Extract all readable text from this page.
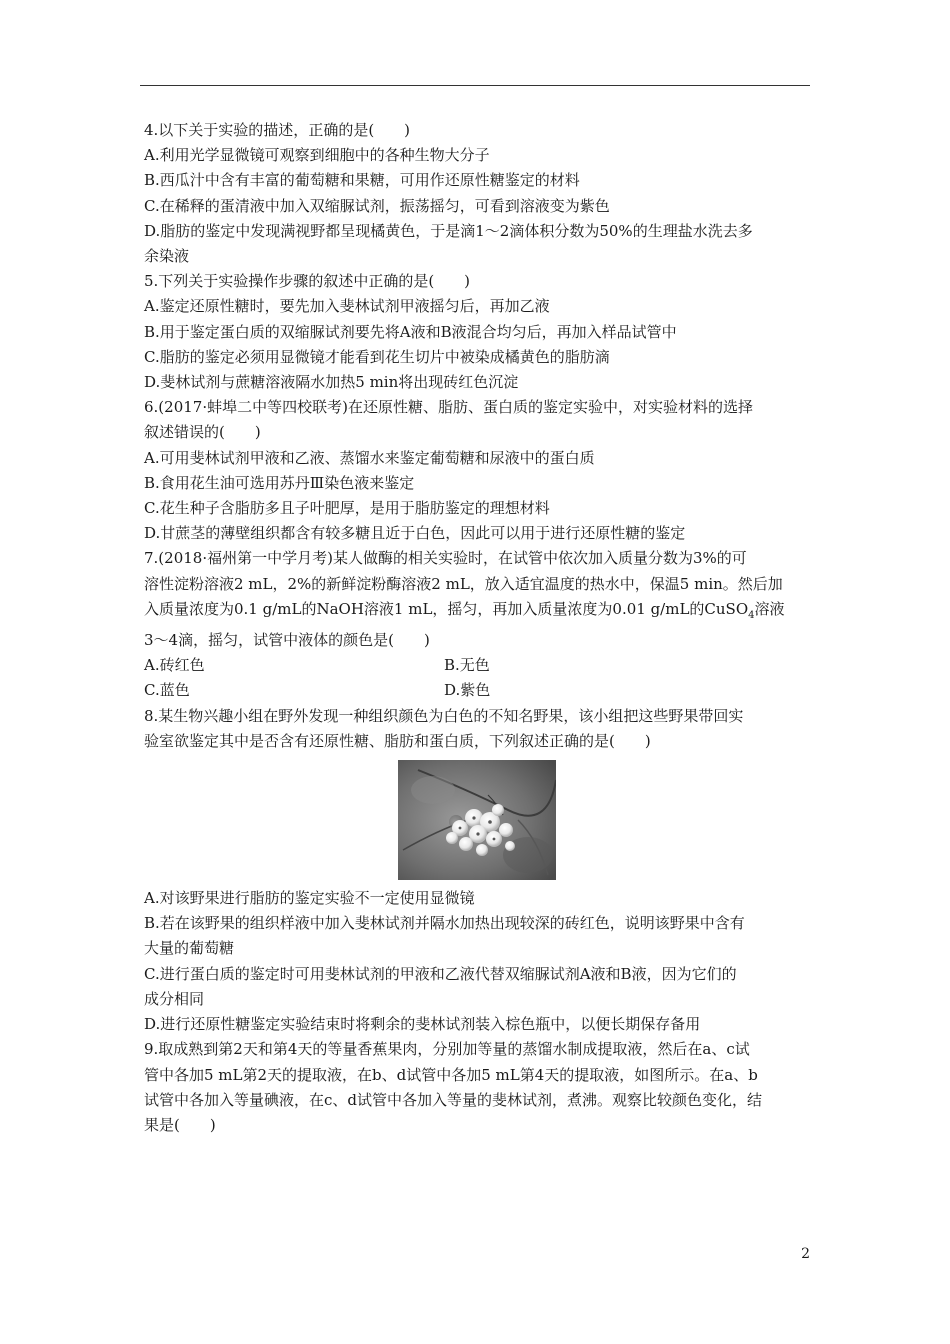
4.以下关于实验的描述，正确的是(　　)
A.利用光学显微镜可观察到细胞中的各种生物大分子
B.西瓜汁中含有丰富的葡萄糖和果糖，可用作还原性糖鉴定的材料
C.在稀释的蛋清液中加入双缩脲试剂，振荡摇匀，可看到溶液变为紫色
D.脂肪的鉴定中发现满视野都呈现橘黄色，于是滴1～2滴体积分数为50%的生理盐水洗去多
余染液
5.下列关于实验操作步骤的叙述中正确的是(　　)
A.鉴定还原性糖时，要先加入斐林试剂甲液摇匀后，再加乙液
B.用于鉴定蛋白质的双缩脲试剂要先将A液和B液混合均匀后，再加入样品试管中
C.脂肪的鉴定必须用显微镜才能看到花生切片中被染成橘黄色的脂肪滴
D.斐林试剂与蔗糖溶液隔水加热5 min将出现砖红色沉淀
6.(2017·蚌埠二中等四校联考)在还原性糖、脂肪、蛋白质的鉴定实验中，对实验材料的选择
叙述错误的(　　)
A.可用斐林试剂甲液和乙液、蒸馏水来鉴定葡萄糖和尿液中的蛋白质
B.食用花生油可选用苏丹Ⅲ染色液来鉴定
C.花生种子含脂肪多且子叶肥厚，是用于脂肪鉴定的理想材料
D.甘蔗茎的薄壁组织都含有较多糖且近于白色，因此可以用于进行还原性糖的鉴定
7.(2018·福州第一中学月考)某人做酶的相关实验时，在试管中依次加入质量分数为3%的可
溶性淀粉溶液2 mL，2%的新鲜淀粉酶溶液2 mL，放入适宜温度的热水中，保温5 min。然后加
入质量浓度为0.1 g/mL的NaOH溶液1 mL，摇匀，再加入质量浓度为0.01 g/mL的CuSO$_4$溶液
3～4滴，摇匀，试管中液体的颜色是(　　)
A.砖红色	B.无色
C.蓝色	D.紫色
8.某生物兴趣小组在野外发现一种组织颜色为白色的不知名野果，该小组把这些野果带回实
验室欲鉴定其中是否含有还原性糖、脂肪和蛋白质，下列叙述正确的是(　　)
A.对该野果进行脂肪的鉴定实验不一定使用显微镜
B.若在该野果的组织样液中加入斐林试剂并隔水加热出现较深的砖红色，说明该野果中含有
大量的葡萄糖
C.进行蛋白质的鉴定时可用斐林试剂的甲液和乙液代替双缩脲试剂A液和B液，因为它们的
成分相同
D.进行还原性糖鉴定实验结束时将剩余的斐林试剂装入棕色瓶中，以便长期保存备用
9.取成熟到第2天和第4天的等量香蕉果肉，分别加等量的蒸馏水制成提取液，然后在a、c试
管中各加5 mL第2天的提取液，在b、d试管中各加5 mL第4天的提取液，如图所示。在a、b
试管中各加入等量碘液，在c、d试管中各加入等量的斐林试剂，煮沸。观察比较颜色变化，结
果是(　　)
2
